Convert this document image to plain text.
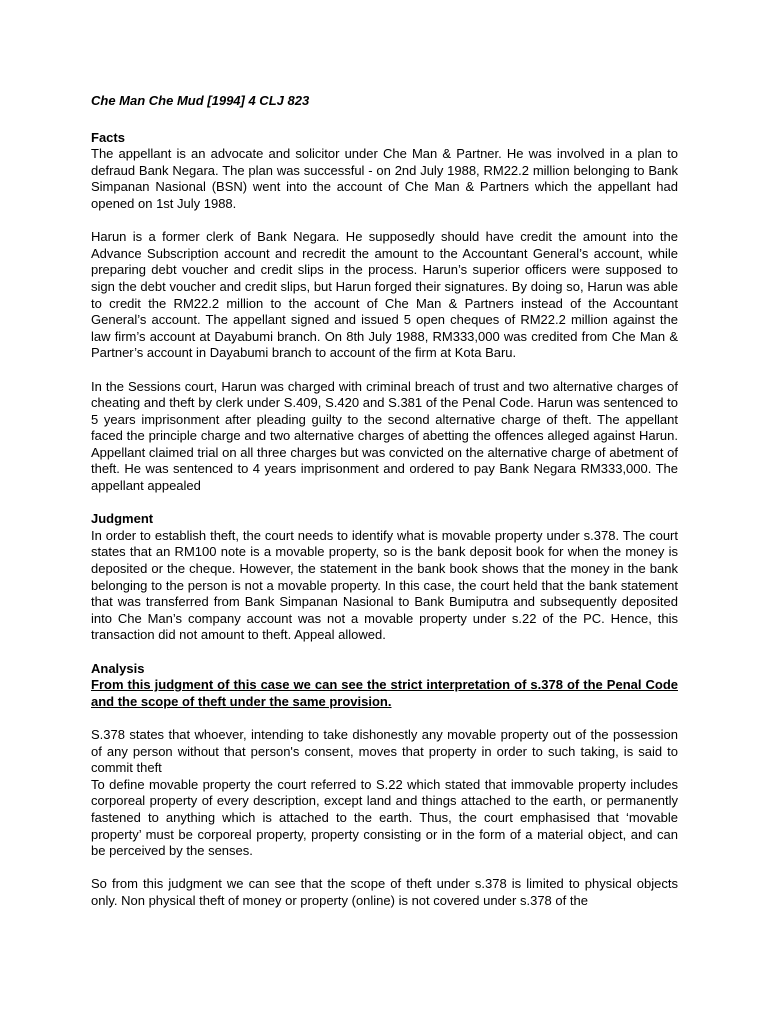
Che Man Che Mud [1994] 4 CLJ 823

Facts

The appellant is an advocate and solicitor under Che Man & Partner. He was involved in a plan to defraud Bank Negara. The plan was successful - on 2nd July 1988, RM22.2 million belonging to Bank Simpanan Nasional (BSN) went into the account of Che Man & Partners which the appellant had opened on 1st July 1988.

Harun is a former clerk of Bank Negara. He supposedly should have credit the amount into the Advance Subscription account and recredit the amount to the Accountant General’s account, while preparing debt voucher and credit slips in the process. Harun’s superior officers were supposed to sign the debt voucher and credit slips, but Harun forged their signatures. By doing so, Harun was able to credit the RM22.2 million to the account of Che Man & Partners instead of the Accountant General’s account. The appellant signed and issued 5 open cheques of RM22.2 million against the law firm’s account at Dayabumi branch. On 8th July 1988, RM333,000 was credited from Che Man & Partner’s account in Dayabumi branch to account of the firm at Kota Baru.

In the Sessions court, Harun was charged with criminal breach of trust and two alternative charges of cheating and theft by clerk under S.409, S.420 and S.381 of the Penal Code. Harun was sentenced to 5 years imprisonment after pleading guilty to the second alternative charge of theft. The appellant faced the principle charge and two alternative charges of abetting the offences alleged against Harun. Appellant claimed trial on all three charges but was convicted on the alternative charge of abetment of theft. He was sentenced to 4 years imprisonment and ordered to pay Bank Negara RM333,000. The appellant appealed

Judgment

In order to establish theft, the court needs to identify what is movable property under s.378. The court states that an RM100 note is a movable property, so is the bank deposit book for when the money is deposited or the cheque. However, the statement in the bank book shows that the money in the bank belonging to the person is not a movable property. In this case, the court held that the bank statement that was transferred from Bank Simpanan Nasional to Bank Bumiputra and subsequently deposited into Che Man’s company account was not a movable property under s.22 of the PC. Hence, this transaction did not amount to theft. Appeal allowed.

Analysis

From this judgment of this case we can see the strict interpretation of s.378 of the Penal Code and the scope of theft under the same provision.

S.378 states that whoever, intending to take dishonestly any movable property out of the possession of any person without that person's consent, moves that property in order to such taking, is said to commit theft

To define movable property the court referred to S.22 which stated that immovable property includes corporeal property of every description, except land and things attached to the earth, or permanently fastened to anything which is attached to the earth. Thus, the court emphasised that ‘movable property’ must be corporeal property, property consisting or in the form of a material object, and can be perceived by the senses.

So from this judgment we can see that the scope of theft under s.378 is limited to physical objects only. Non physical theft of money or property (online) is not covered under s.378 of the
